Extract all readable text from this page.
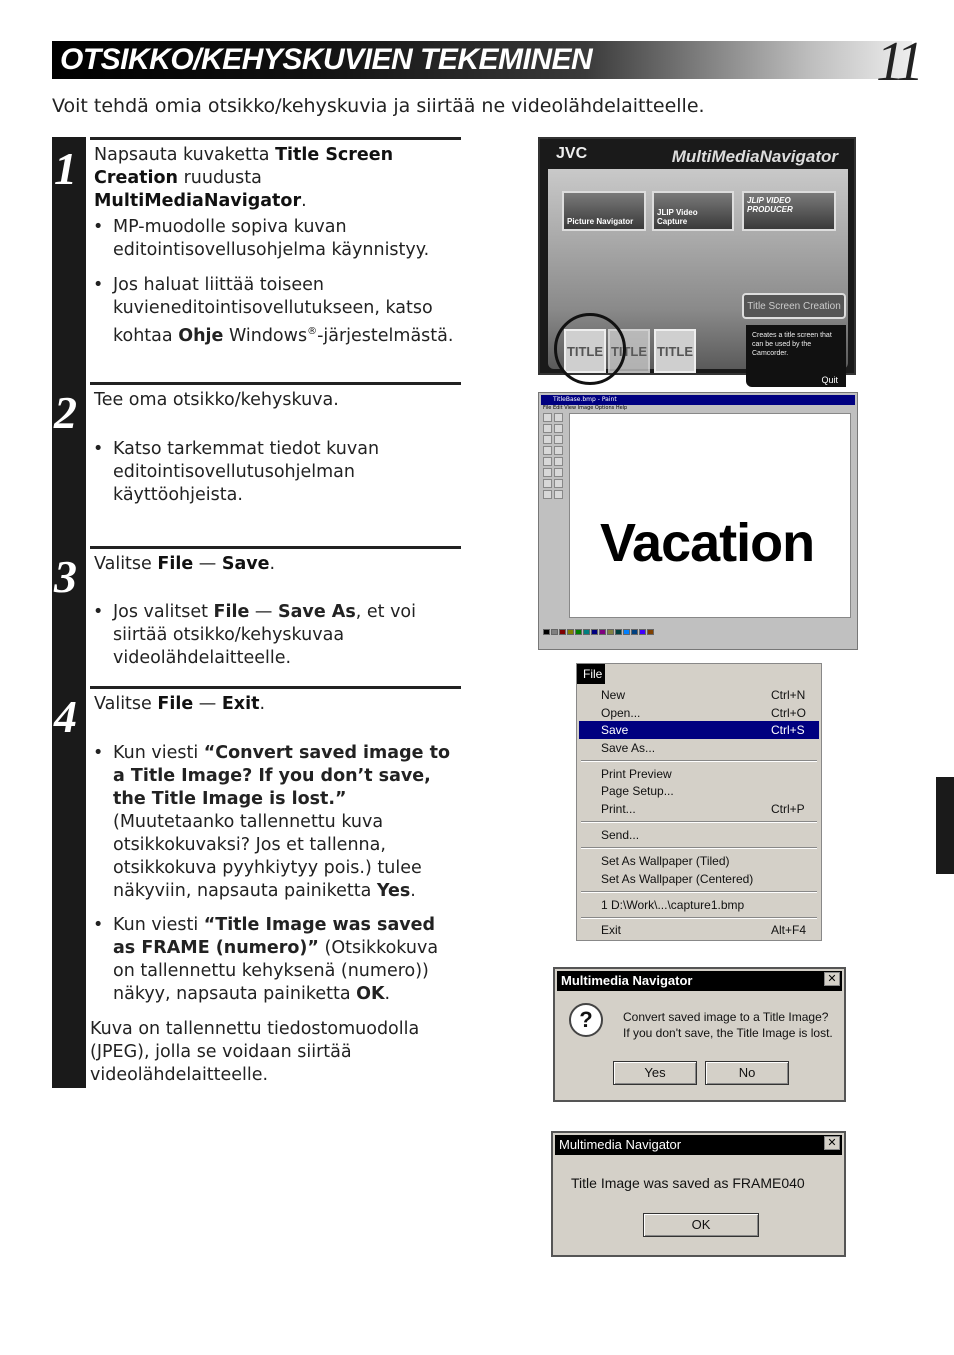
OTSIKKO/KEHYSKUVIEN TEKEMINEN	11
Voit tehdä omia otsikko/kehyskuvia ja siirtää ne videolähdelaitteelle.
1 Napsauta kuvaketta Title Screen Creation ruudusta MultiMediaNavigator.
• MP-muodolle sopiva kuvan editointisovellusohjelma käynnistyy.
• Jos haluat liittää toiseen kuvieneditointisovellutukseen, katso kohtaa Ohje Windows®-järjestelmästä.
2 Tee oma otsikko/kehyskuva.
• Katso tarkemmat tiedot kuvan editointisovellutusohjelman käyttöohjeista.
3 Valitse File — Save.
• Jos valitset File — Save As, et voi siirtää otsikko/kehyskuvaa videolähdelaitteelle.
4 Valitse File — Exit.
• Kun viesti “Convert saved image to a Title Image? If you don’t save, the Title Image is lost.” (Muutetaanko tallennettu kuva otsikkokuvaksi? Jos et tallenna, otsikkokuva pyyhkiytyy pois.) tulee näkyviin, napsauta painiketta Yes.
• Kun viesti “Title Image was saved as FRAME (numero)” (Otsikkokuva on tallennettu kehyksenä (numero)) näkyy, napsauta painiketta OK.
Kuva on tallennettu tiedostomuodolla (JPEG), jolla se voidaan siirtää videolähdelaitteelle.
JVC	MultiMediaNavigator
Picture Navigator
JLIP Video Capture
JLIP VIDEO PRODUCER
Title Screen Creation
TITLE TITLE TITLE
Creates a title screen that can be used by the Camcorder.
Quit
TitleBase.bmp - Paint
File Edit View Image Options Help
Vacation
File
New	Ctrl+N
Open...	Ctrl+O
Save	Ctrl+S
Save As...
Print Preview
Page Setup...
Print...	Ctrl+P
Send...
Set As Wallpaper (Tiled)
Set As Wallpaper (Centered)
1 D:\Work\...\capture1.bmp
Exit	Alt+F4
Multimedia Navigator	✕
?	Convert saved image to a Title Image?
If you don't save, the Title Image is lost.
Yes	No
Multimedia Navigator	✕
Title Image was saved as FRAME040
OK
